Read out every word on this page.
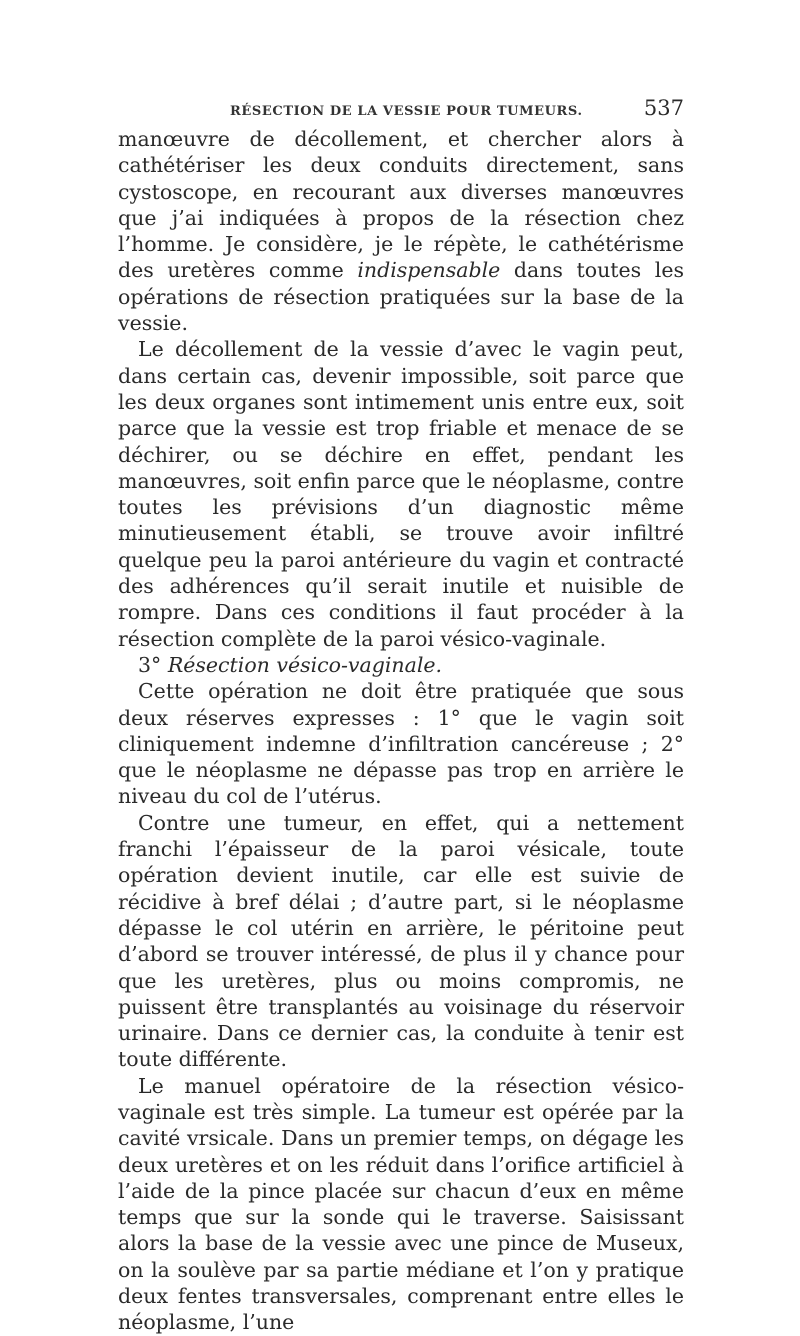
RÉSECTION DE LA VESSIE POUR TUMEURS.	537

manœuvre de décollement, et chercher alors à cathétériser les deux conduits directement, sans cystoscope, en recourant aux diverses manœuvres que j’ai indiquées à propos de la résection chez l’homme. Je considère, je le répète, le cathétérisme des uretères comme indispensable dans toutes les opérations de résection pratiquées sur la base de la vessie.

Le décollement de la vessie d’avec le vagin peut, dans certain cas, devenir impossible, soit parce que les deux organes sont intimement unis entre eux, soit parce que la vessie est trop friable et menace de se déchirer, ou se déchire en effet, pendant les manœuvres, soit enfin parce que le néoplasme, contre toutes les prévisions d’un diagnostic même minutieusement établi, se trouve avoir infiltré quelque peu la paroi antérieure du vagin et contracté des adhérences qu’il serait inutile et nuisible de rompre. Dans ces conditions il faut procéder à la résection complète de la paroi vésico-vaginale.

3° Résection vésico-vaginale.

Cette opération ne doit être pratiquée que sous deux réserves expresses : 1° que le vagin soit cliniquement indemne d’infiltration cancéreuse ; 2° que le néoplasme ne dépasse pas trop en arrière le niveau du col de l’utérus.

Contre une tumeur, en effet, qui a nettement franchi l’épaisseur de la paroi vésicale, toute opération devient inutile, car elle est suivie de récidive à bref délai ; d’autre part, si le néoplasme dépasse le col utérin en arrière, le péritoine peut d’abord se trouver intéressé, de plus il y chance pour que les uretères, plus ou moins compromis, ne puissent être transplantés au voisinage du réservoir urinaire. Dans ce dernier cas, la conduite à tenir est toute différente.

Le manuel opératoire de la résection vésico-vaginale est très simple. La tumeur est opérée par la cavité vrsicale. Dans un premier temps, on dégage les deux uretères et on les réduit dans l’orifice artificiel à l’aide de la pince placée sur chacun d’eux en même temps que sur la sonde qui le traverse. Saisissant alors la base de la vessie avec une pince de Museux, on la soulève par sa partie médiane et l’on y pratique deux fentes transversales, comprenant entre elles le néoplasme, l’une
